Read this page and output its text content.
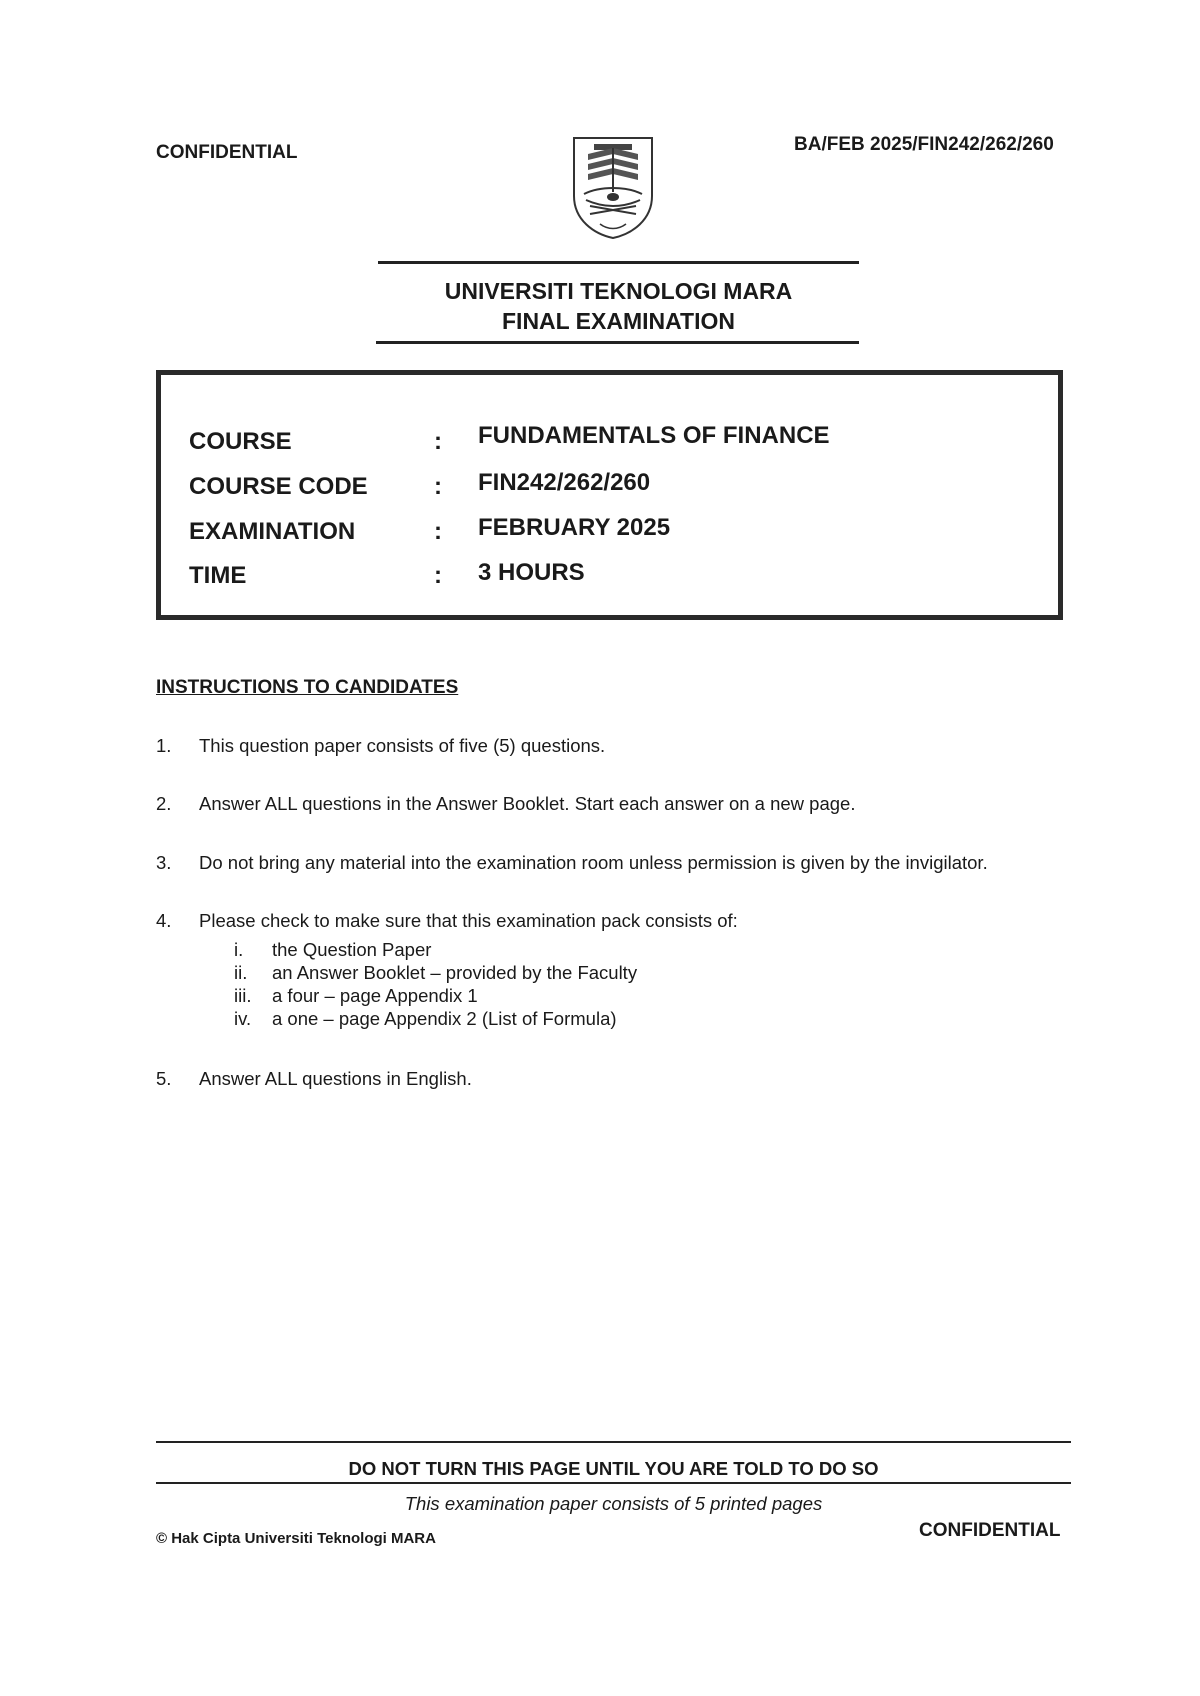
CONFIDENTIAL	BA/FEB 2025/FIN242/262/260
UNIVERSITI TEKNOLOGI MARA
FINAL EXAMINATION
COURSE	: FUNDAMENTALS OF FINANCE
COURSE CODE	: FIN242/262/260
EXAMINATION	: FEBRUARY 2025
TIME	: 3 HOURS
INSTRUCTIONS TO CANDIDATES
1. This question paper consists of five (5) questions.
2. Answer ALL questions in the Answer Booklet. Start each answer on a new page.
3. Do not bring any material into the examination room unless permission is given by the invigilator.
4. Please check to make sure that this examination pack consists of:
i. the Question Paper
ii. an Answer Booklet – provided by the Faculty
iii. a four – page Appendix 1
iv. a one – page Appendix 2 (List of Formula)
5. Answer ALL questions in English.
DO NOT TURN THIS PAGE UNTIL YOU ARE TOLD TO DO SO
This examination paper consists of 5 printed pages
© Hak Cipta Universiti Teknologi MARA	CONFIDENTIAL
